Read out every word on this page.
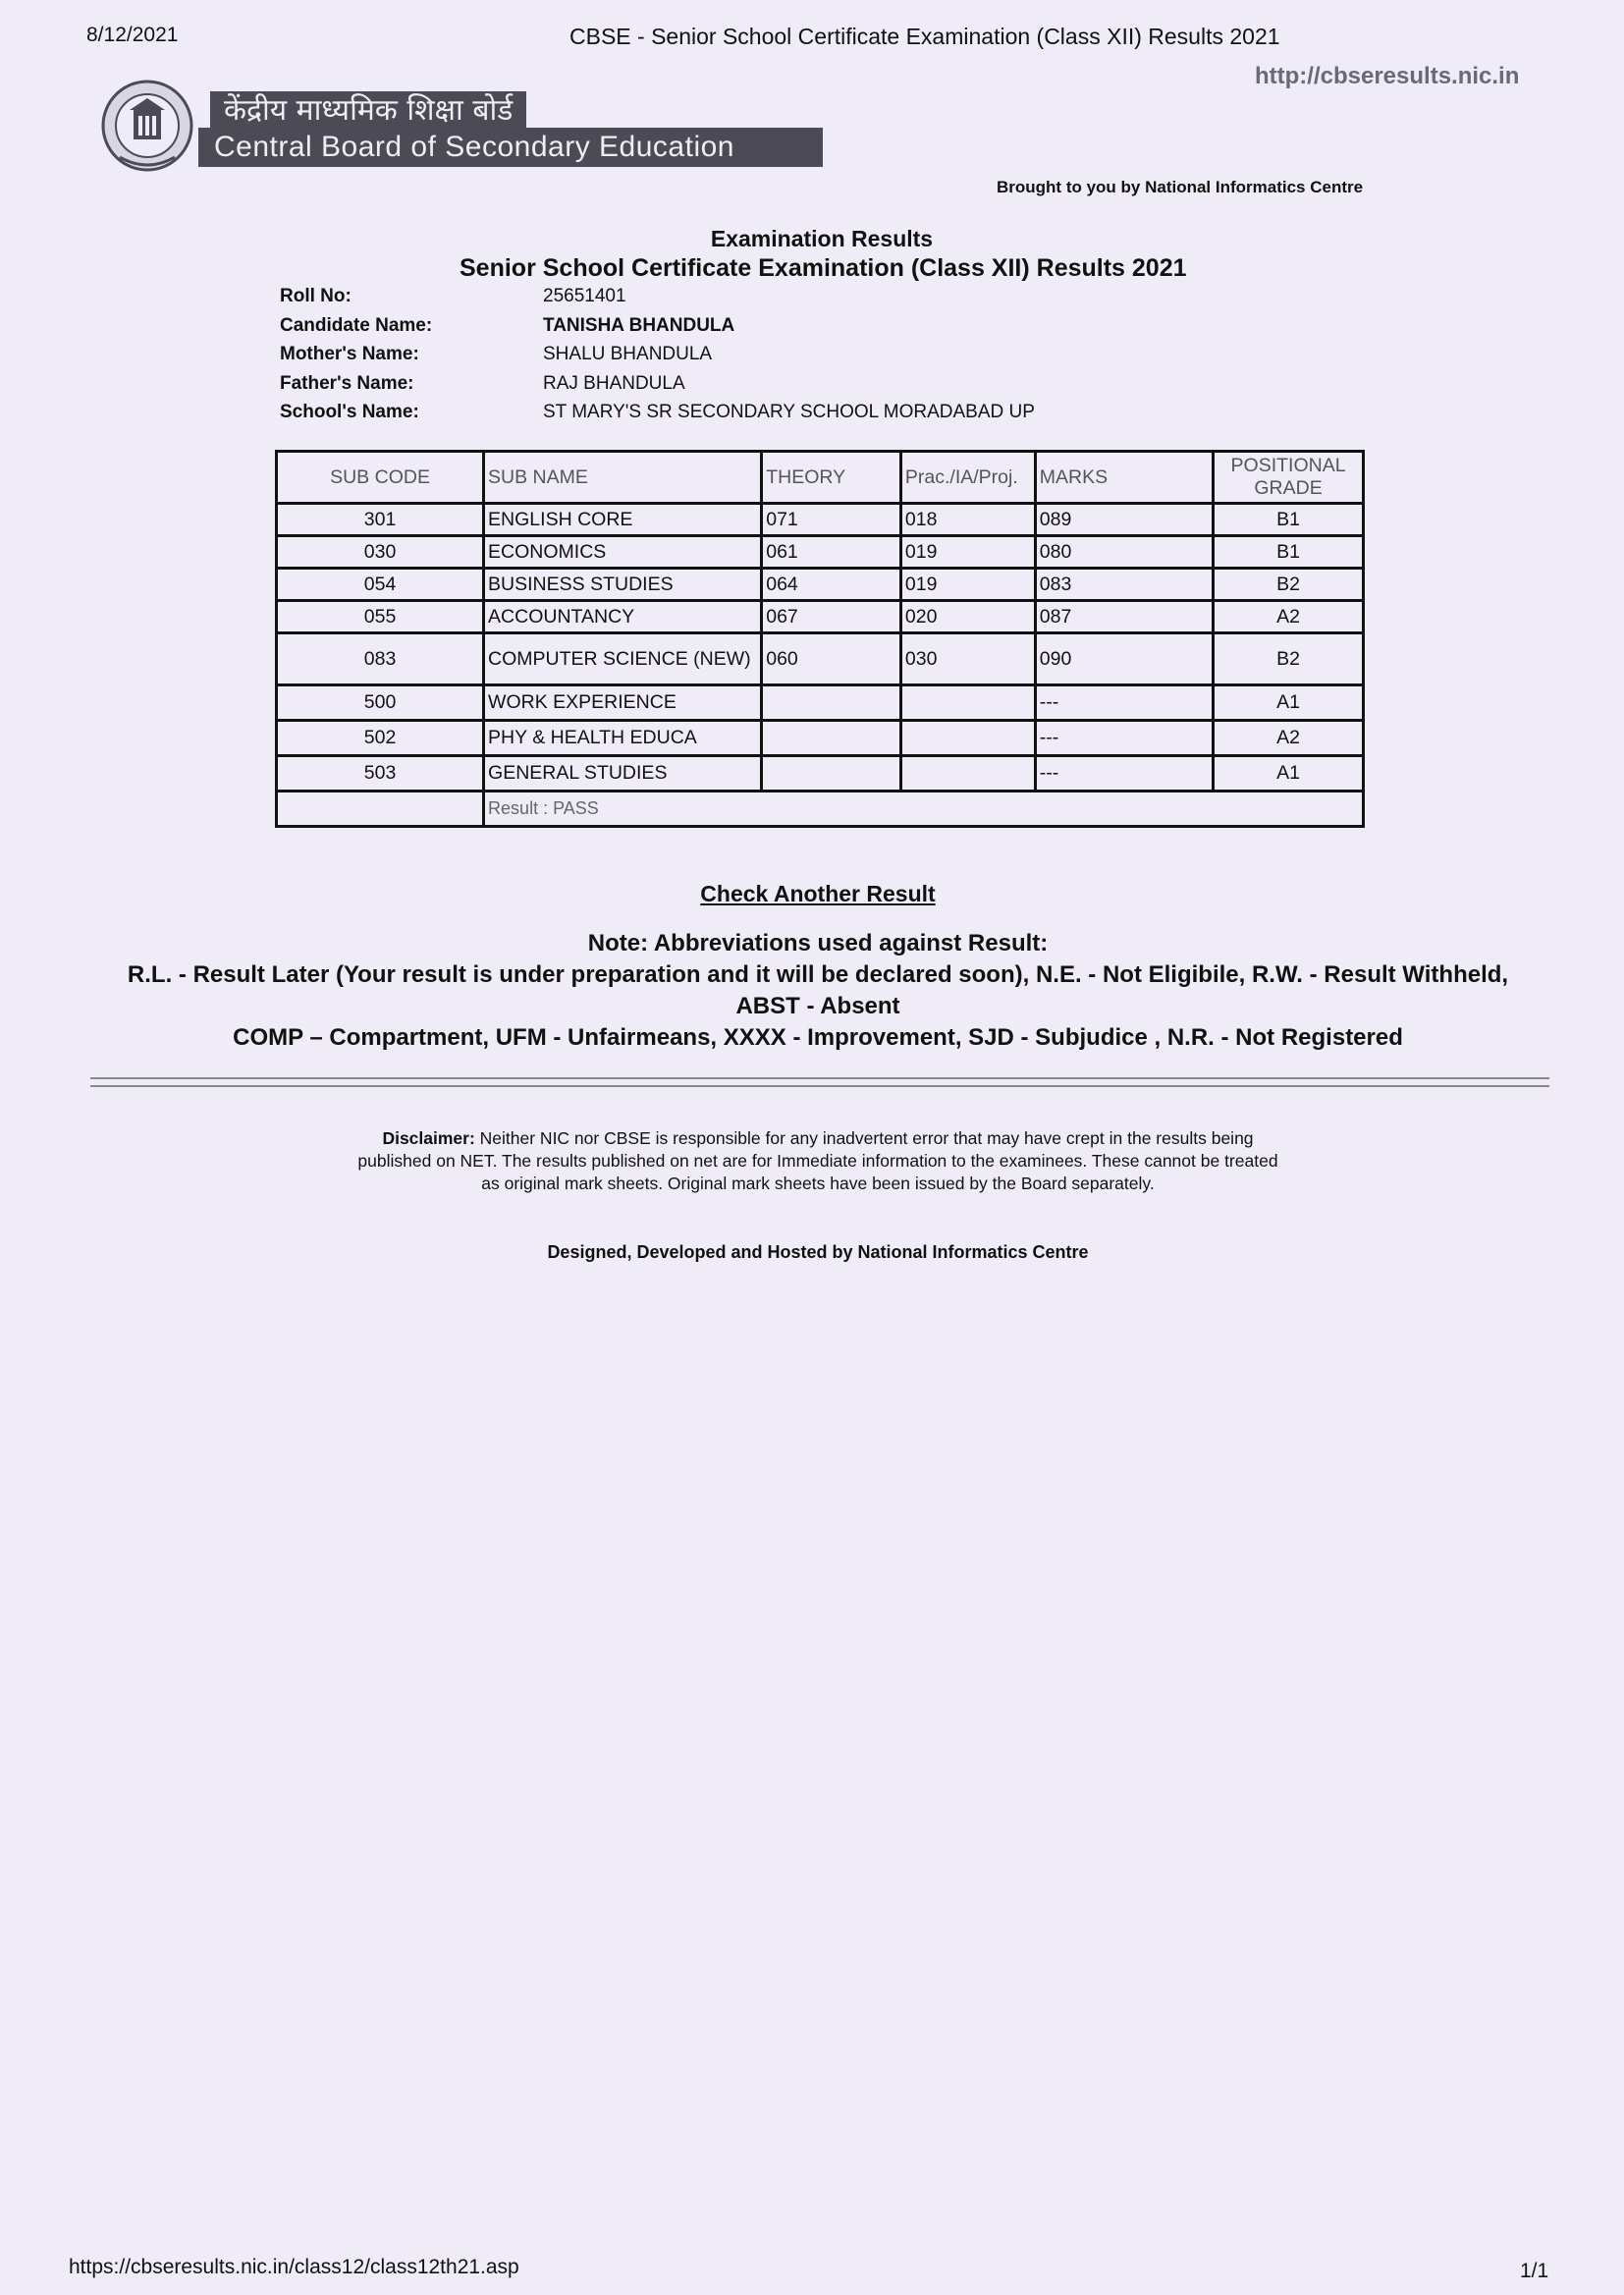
8/12/2021	CBSE - Senior School Certificate Examination (Class XII) Results 2021
http://cbseresults.nic.in
केंद्रीय माध्यमिक शिक्षा बोर्ड
Central Board of Secondary Education
Brought to you by National Informatics Centre
Examination Results
Senior School Certificate Examination (Class XII) Results 2021
Roll No:	25651401
Candidate Name:	TANISHA BHANDULA
Mother's Name:	SHALU BHANDULA
Father's Name:	RAJ BHANDULA
School's Name:	ST MARY'S SR SECONDARY SCHOOL MORADABAD UP
SUB CODE	SUB NAME	THEORY	Prac./IA/Proj.	MARKS	POSITIONAL GRADE
301	ENGLISH CORE	071	018	089	B1
030	ECONOMICS	061	019	080	B1
054	BUSINESS STUDIES	064	019	083	B2
055	ACCOUNTANCY	067	020	087	A2
083	COMPUTER SCIENCE (NEW)	060	030	090	B2
500	WORK EXPERIENCE			---	A1
502	PHY & HEALTH EDUCA			---	A2
503	GENERAL STUDIES			---	A1
	Result : PASS				
Check Another Result
Note: Abbreviations used against Result:
R.L. - Result Later (Your result is under preparation and it will be declared soon), N.E. - Not Eligibile, R.W. - Result Withheld,
ABST - Absent
COMP – Compartment, UFM - Unfairmeans, XXXX - Improvement, SJD - Subjudice , N.R. - Not Registered
Disclaimer: Neither NIC nor CBSE is responsible for any inadvertent error that may have crept in the results being
published on NET. The results published on net are for Immediate information to the examinees. These cannot be treated
as original mark sheets. Original mark sheets have been issued by the Board separately.
Designed, Developed and Hosted by National Informatics Centre
https://cbseresults.nic.in/class12/class12th21.asp	1/1
